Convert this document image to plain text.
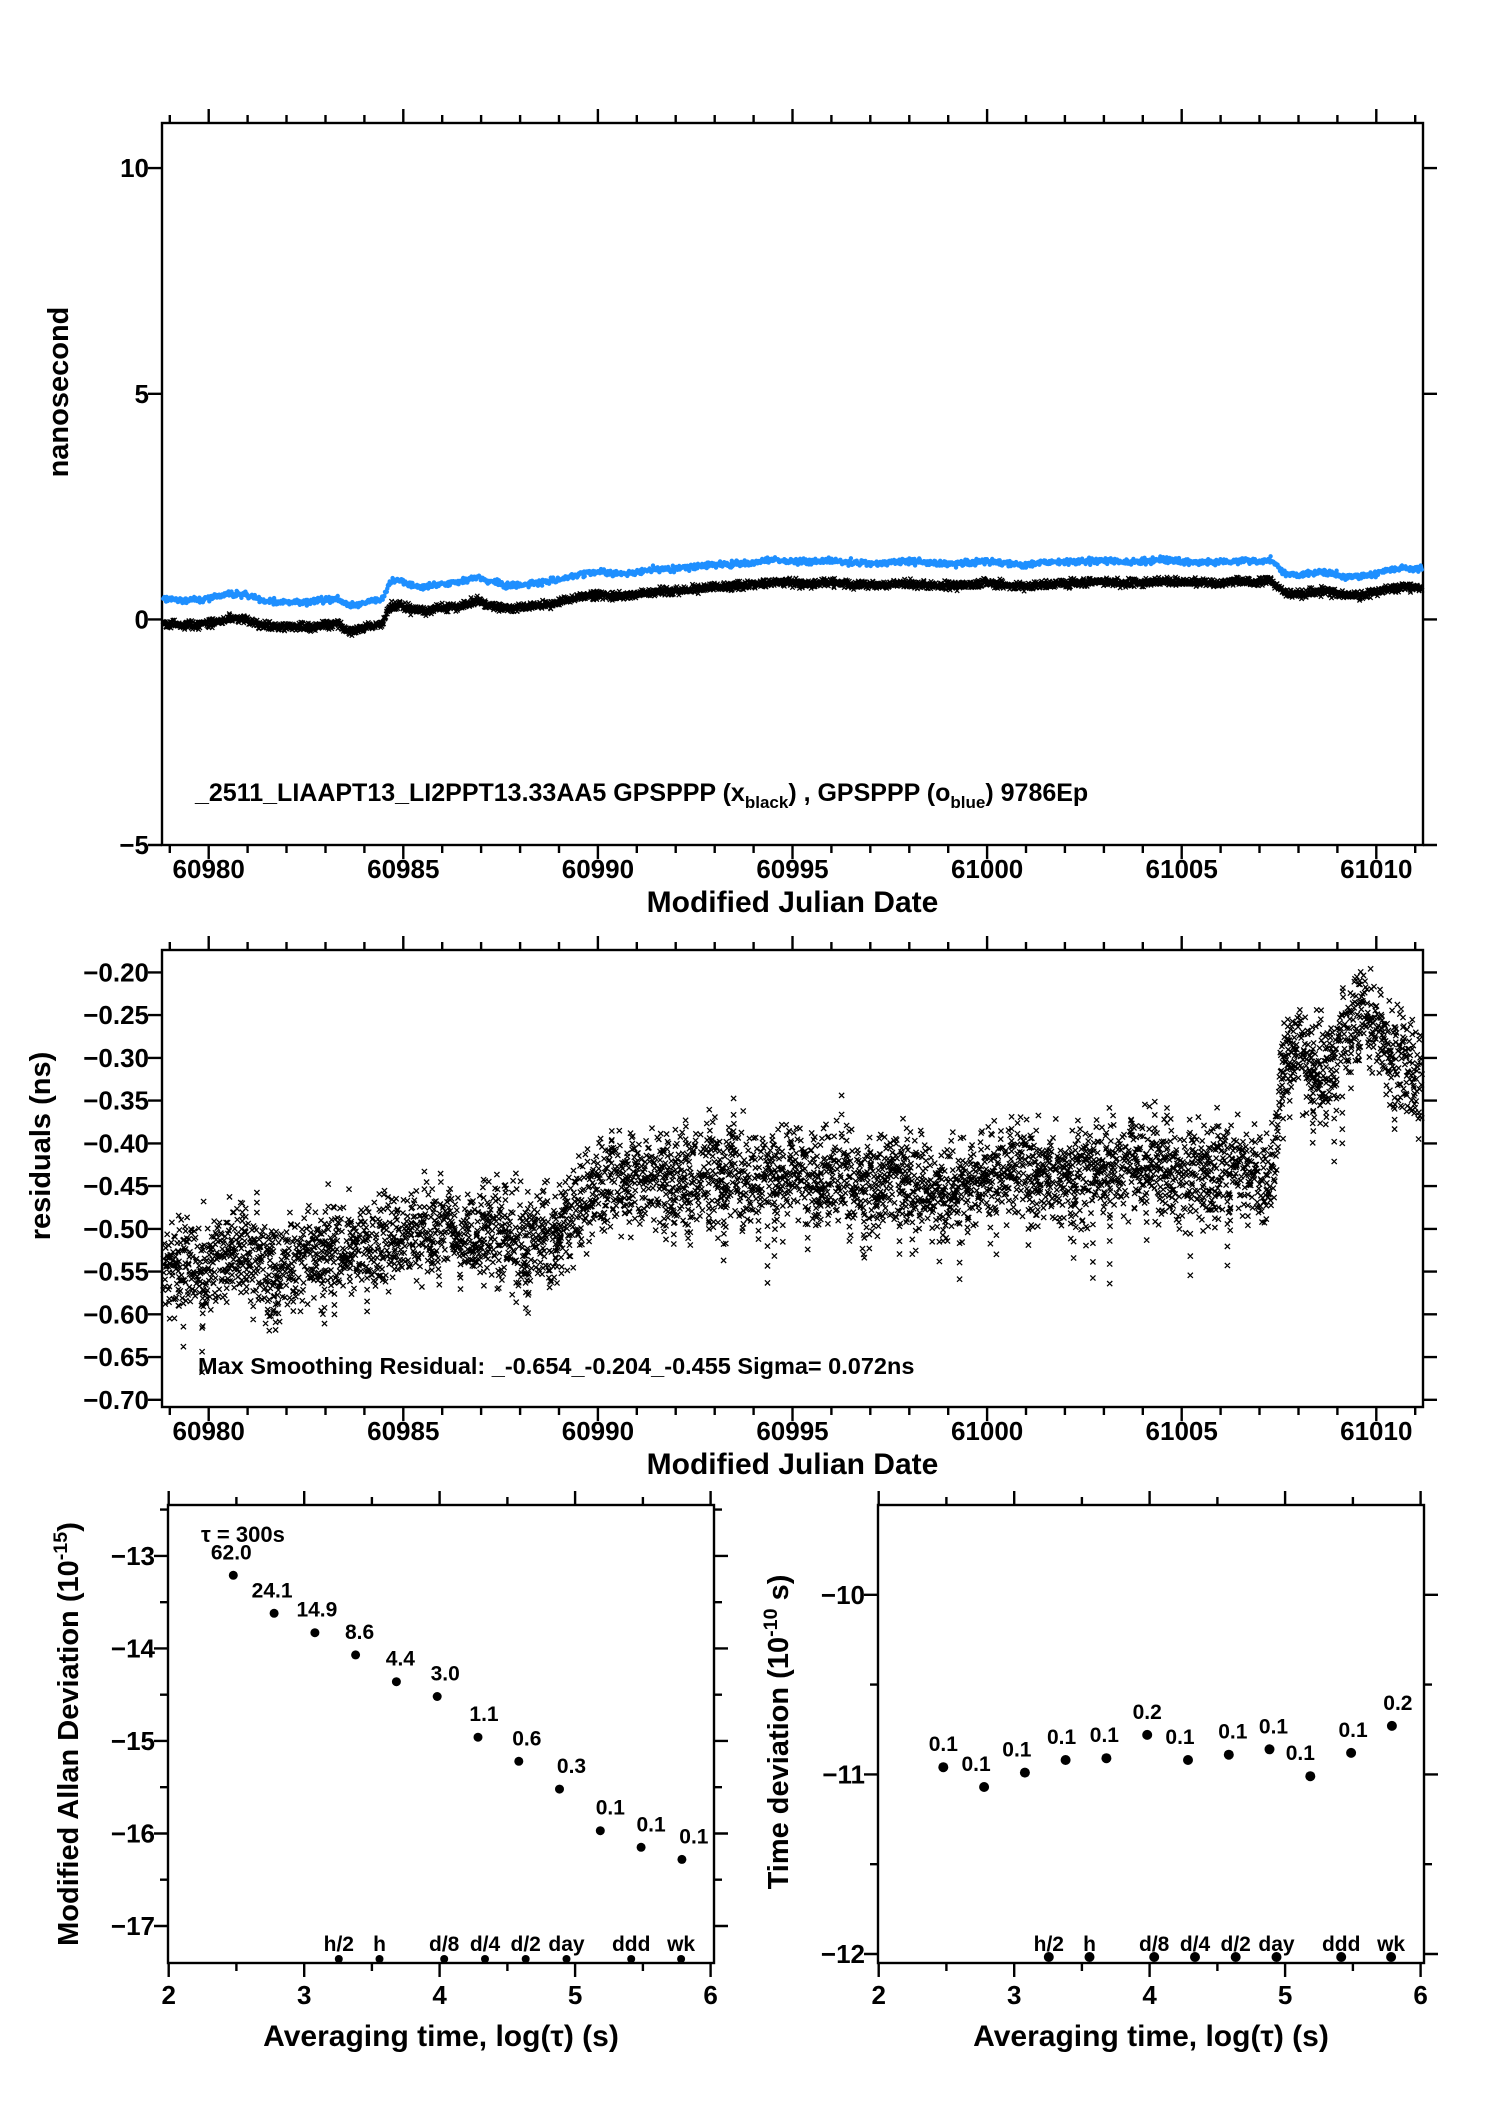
60980	60985	60990	60995	61000	61005	61010
10
5
0
−5
Modified Julian Date
nanosecond
_2511_LIAAPT13_LI2PPT13.33AA5 GPSPPP $(x_{black})$ , GPSPPP $(o_{blue})$ 9786Ep
60980	60985	60990	60995	61000	61005	61010
−0.20
−0.25
−0.30
−0.35
−0.40
−0.45
−0.50
−0.55
−0.60
−0.65
−0.70
Modified Julian Date
residuals (ns)
Max Smoothing Residual: _-0.654_-0.204_-0.455 Sigma= 0.072ns
2	3	4	5	6
−13
−14
−15
−16
−17
Averaging time, log(τ) (s)
Modified Allan Deviation $(10^{-15})$
62.0
24.1
14.9
8.6
4.4
3.0
1.1
0.6
0.3
0.1
0.1
0.1
τ = 300s
h/2 h d/8 d/4 d/2 day ddd wk
2	3	4	5	6
−10
−11
−12
Averaging time, log(τ) (s)
Time deviation ($10^{-10}$ s)
0.1
0.1
0.1
0.1 0.1
0.2
0.1 0.1 0.1
0.1
0.1
0.2
h/2 h d/8 d/4 d/2 day ddd wk
